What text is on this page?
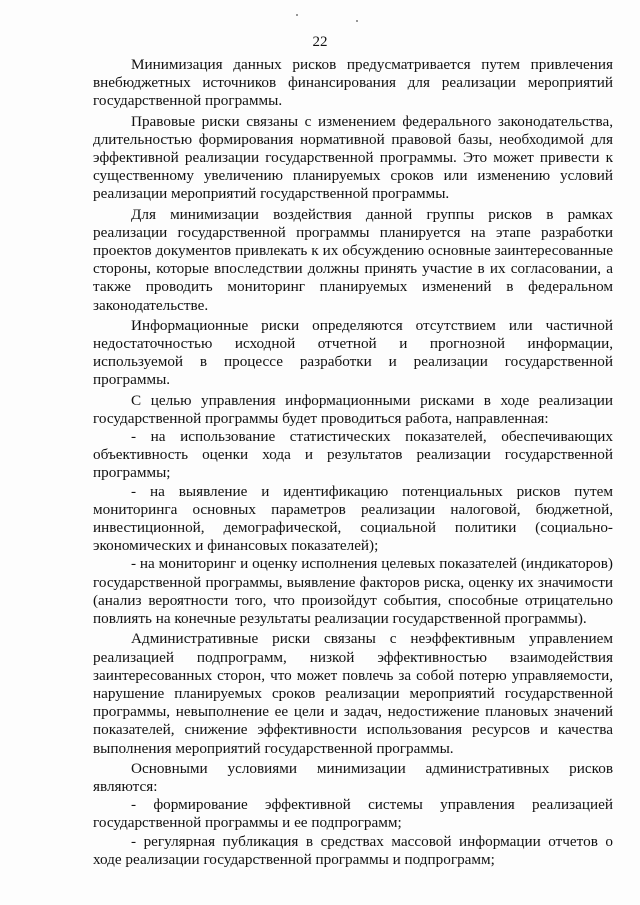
22

Минимизация данных рисков предусматривается путем привлечения внебюджетных источников финансирования для реализации мероприятий государственной программы.

Правовые риски связаны с изменением федерального законодательства, длительностью формирования нормативной правовой базы, необходимой для эффективной реализации государственной программы. Это может привести к существенному увеличению планируемых сроков или изменению условий реализации мероприятий государственной программы.

Для минимизации воздействия данной группы рисков в рамках реализации государственной программы планируется на этапе разработки проектов документов привлекать к их обсуждению основные заинтересованные стороны, которые впоследствии должны принять участие в их согласовании, а также проводить мониторинг планируемых изменений в федеральном законодательстве.

Информационные риски определяются отсутствием или частичной недостаточностью исходной отчетной и прогнозной информации, используемой в процессе разработки и реализации государственной программы.

С целью управления информационными рисками в ходе реализации государственной программы будет проводиться работа, направленная:

- на использование статистических показателей, обеспечивающих объективность оценки хода и результатов реализации государственной программы;

- на выявление и идентификацию потенциальных рисков путем мониторинга основных параметров реализации налоговой, бюджетной, инвестиционной, демографической, социальной политики (социально-экономических и финансовых показателей);

- на мониторинг и оценку исполнения целевых показателей (индикаторов) государственной программы, выявление факторов риска, оценку их значимости (анализ вероятности того, что произойдут события, способные отрицательно повлиять на конечные результаты реализации государственной программы).

Административные риски связаны с неэффективным управлением реализацией подпрограмм, низкой эффективностью взаимодействия заинтересованных сторон, что может повлечь за собой потерю управляемости, нарушение планируемых сроков реализации мероприятий государственной программы, невыполнение ее цели и задач, недостижение плановых значений показателей, снижение эффективности использования ресурсов и качества выполнения мероприятий государственной программы.

Основными условиями минимизации административных рисков являются:

- формирование эффективной системы управления реализацией государственной программы и ее подпрограмм;

- регулярная публикация в средствах массовой информации отчетов о ходе реализации государственной программы и подпрограмм;
